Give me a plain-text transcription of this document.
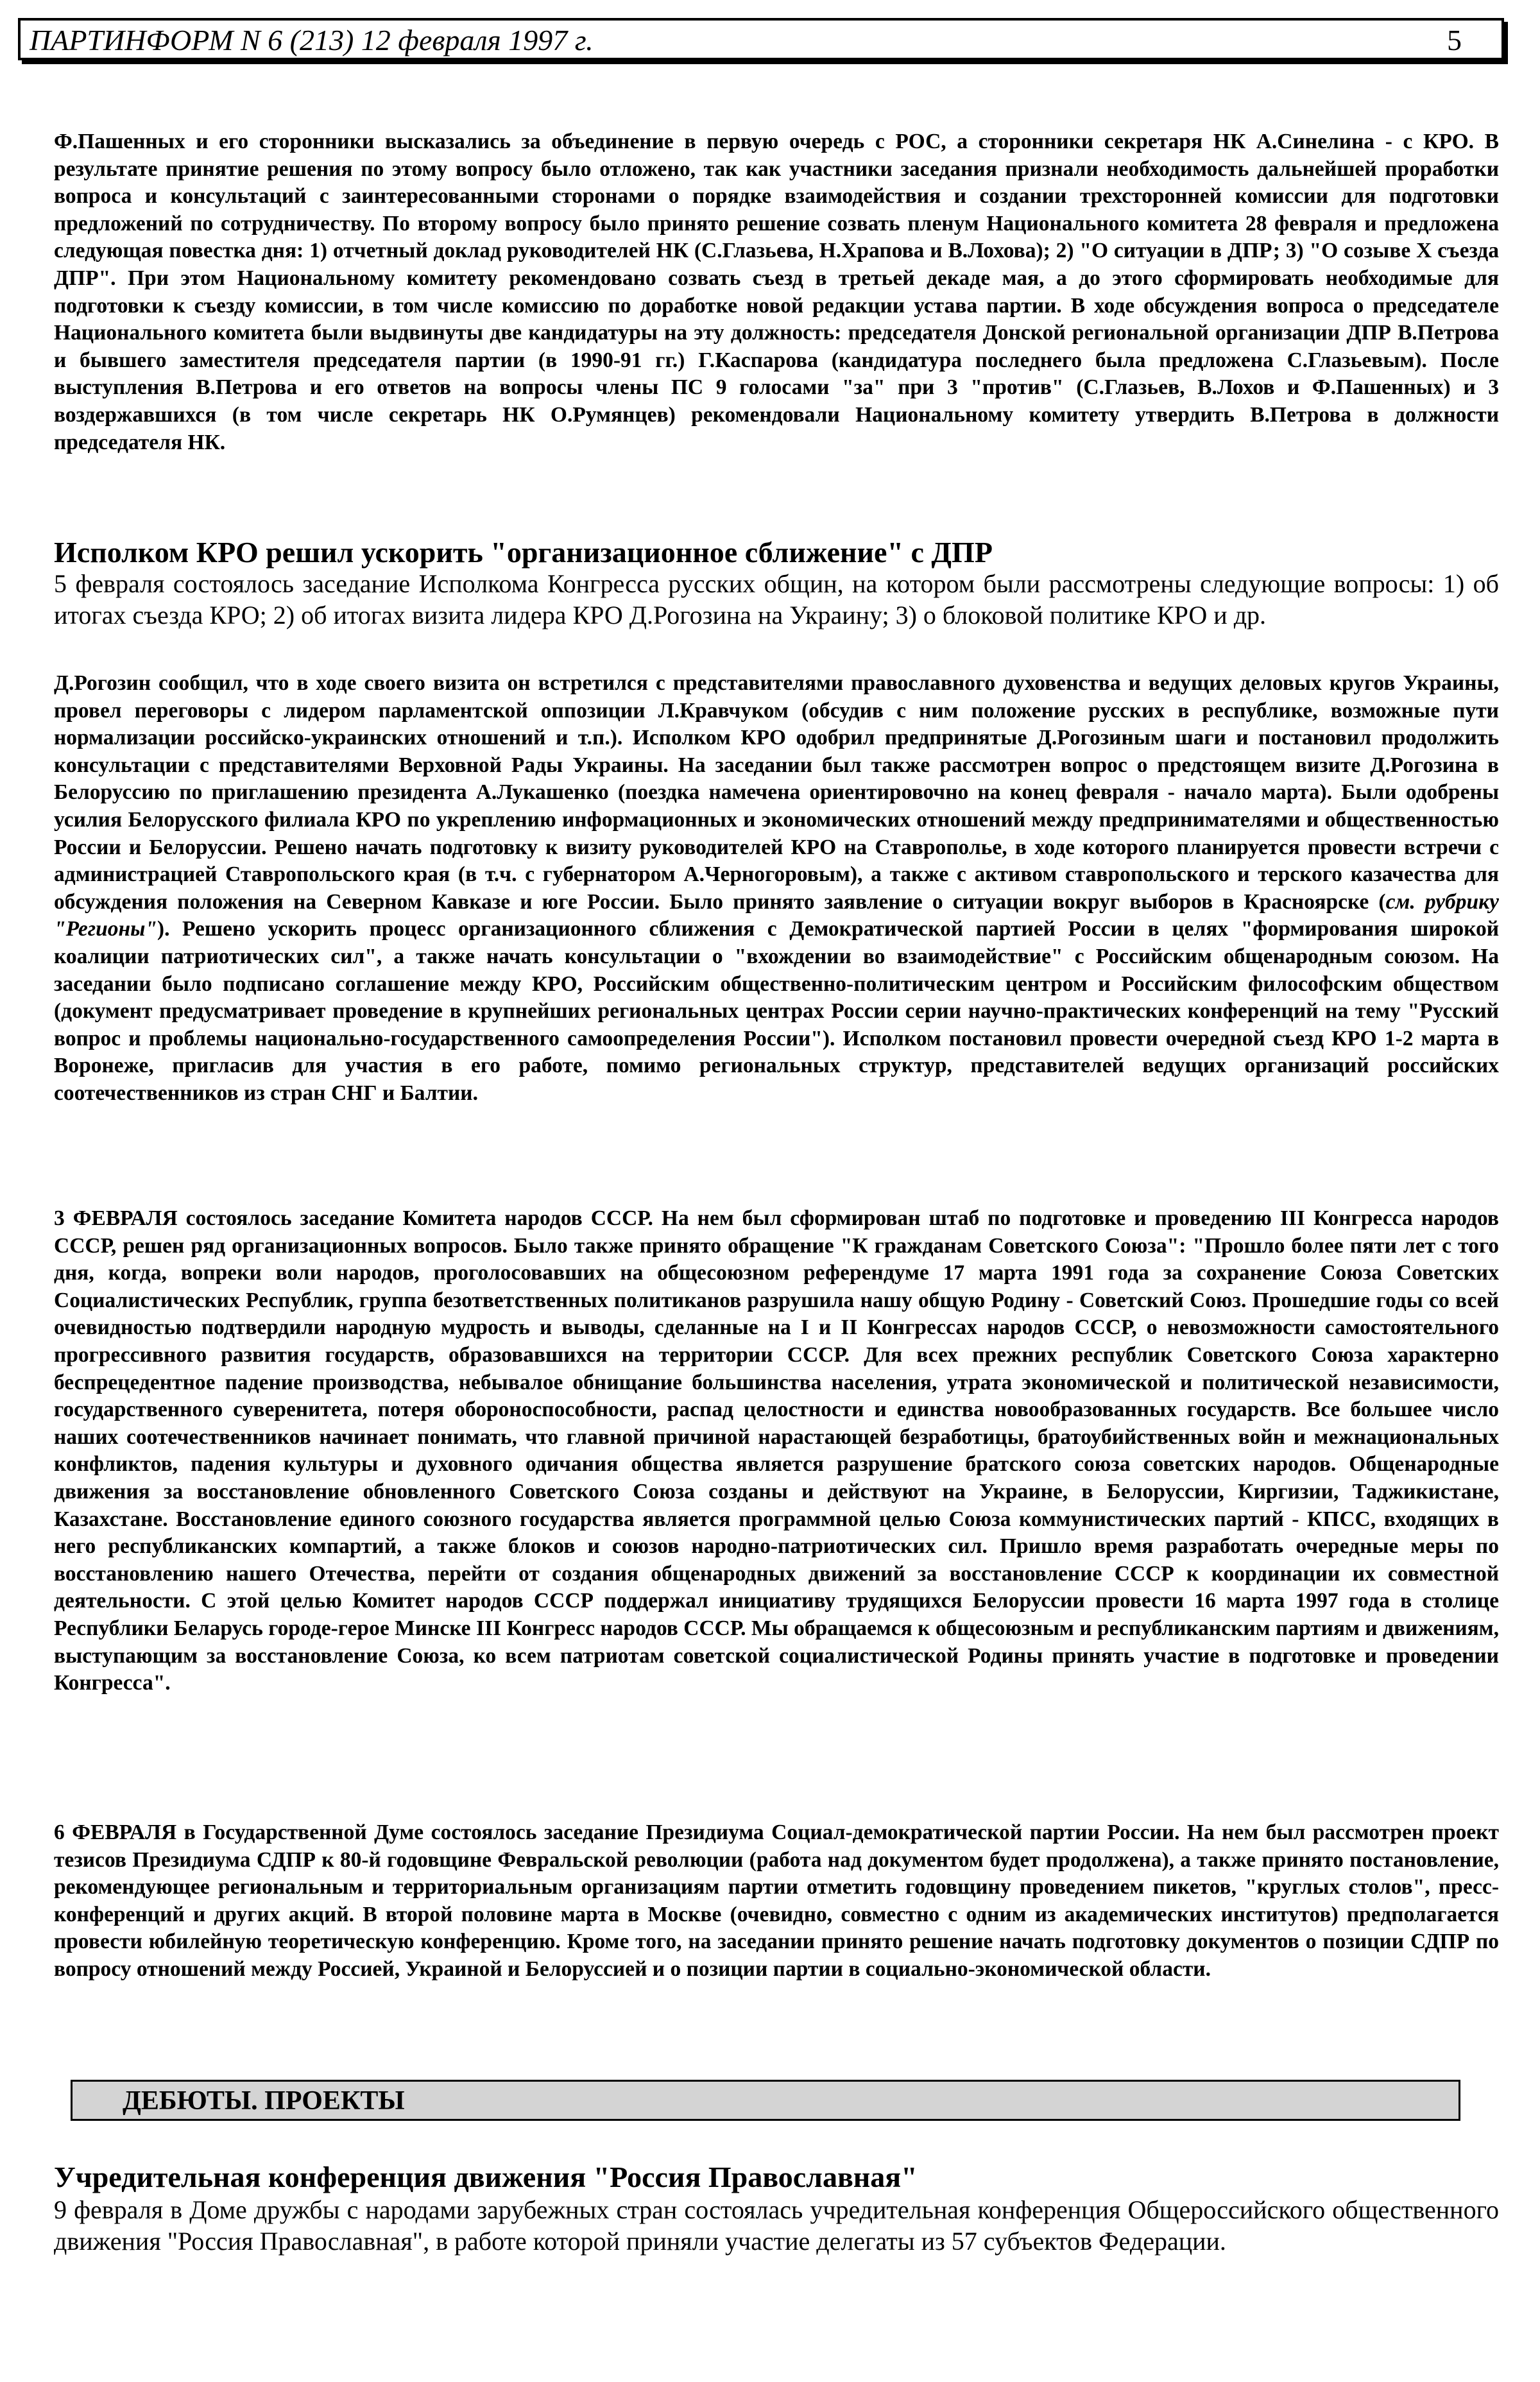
ПАРТИНФОРМ N 6 (213) 12 февраля 1997 г.	5
Ф.Пашенных и его сторонники высказались за объединение в первую очередь с РОС, а сторонники секретаря НК А.Синелина - с КРО. В результате принятие решения по этому вопросу было отложено, так как участники заседания признали необходимость дальнейшей проработки вопроса и консультаций с заинтересованными сторонами о порядке взаимодействия и создании трехсторонней комиссии для подготовки предложений по сотрудничеству. По второму вопросу было принято решение созвать пленум Национального комитета 28 февраля и предложена следующая повестка дня: 1) отчетный доклад руководителей НК (С.Глазьева, Н.Храпова и В.Лохова); 2) "О ситуации в ДПР; 3) "О созыве X съезда ДПР". При этом Национальному комитету рекомендовано созвать съезд в третьей декаде мая, а до этого сформировать необходимые для подготовки к съезду комиссии, в том числе комиссию по доработке новой редакции устава партии. В ходе обсуждения вопроса о председателе Национального комитета были выдвинуты две кандидатуры на эту должность: председателя Донской региональной организации ДПР В.Петрова и бывшего заместителя председателя партии (в 1990-91 гг.) Г.Каспарова (кандидатура последнего была предложена С.Глазьевым). После выступления В.Петрова и его ответов на вопросы члены ПС 9 голосами "за" при 3 "против" (С.Глазьев, В.Лохов и Ф.Пашенных) и 3 воздержавшихся (в том числе секретарь НК О.Румянцев) рекомендовали Национальному комитету утвердить В.Петрова в должности председателя НК.
Исполком КРО решил ускорить "организационное сближение" с ДПР
5 февраля состоялось заседание Исполкома Конгресса русских общин, на котором были рассмотрены следующие вопросы: 1) об итогах съезда КРО; 2) об итогах визита лидера КРО Д.Рогозина на Украину; 3) о блоковой политике КРО и др.
Д.Рогозин сообщил, что в ходе своего визита он встретился с представителями православного духовенства и ведущих деловых кругов Украины, провел переговоры с лидером парламентской оппозиции Л.Кравчуком (обсудив с ним положение русских в республике, возможные пути нормализации российско-украинских отношений и т.п.). Исполком КРО одобрил предпринятые Д.Рогозиным шаги и постановил продолжить консультации с представителями Верховной Рады Украины. На заседании был также рассмотрен вопрос о предстоящем визите Д.Рогозина в Белоруссию по приглашению президента А.Лукашенко (поездка намечена ориентировочно на конец февраля - начало марта). Были одобрены усилия Белорусского филиала КРО по укреплению информационных и экономических отношений между предпринимателями и общественностью России и Белоруссии. Решено начать подготовку к визиту руководителей КРО на Ставрополье, в ходе которого планируется провести встречи с администрацией Ставропольского края (в т.ч. с губернатором А.Черногоровым), а также с активом ставропольского и терского казачества для обсуждения положения на Северном Кавказе и юге России. Было принято заявление о ситуации вокруг выборов в Красноярске (см. рубрику "Регионы"). Решено ускорить процесс организационного сближения с Демократической партией России в целях "формирования широкой коалиции патриотических сил", а также начать консультации о "вхождении во взаимодействие" с Российским общенародным союзом. На заседании было подписано соглашение между КРО, Российским общественно-политическим центром и Российским философским обществом (документ предусматривает проведение в крупнейших региональных центрах России серии научно-практических конференций на тему "Русский вопрос и проблемы национально-государственного самоопределения России"). Исполком постановил провести очередной съезд КРО 1-2 марта в Воронеже, пригласив для участия в его работе, помимо региональных структур, представителей ведущих организаций российских соотечественников из стран СНГ и Балтии.
3 ФЕВРАЛЯ состоялось заседание Комитета народов СССР. На нем был сформирован штаб по подготовке и проведению III Конгресса народов СССР, решен ряд организационных вопросов. Было также принято обращение "К гражданам Советского Союза": "Прошло более пяти лет с того дня, когда, вопреки воли народов, проголосовавших на общесоюзном референдуме 17 марта 1991 года за сохранение Союза Советских Социалистических Республик, группа безответственных политиканов разрушила нашу общую Родину - Советский Союз. Прошедшие годы со всей очевидностью подтвердили народную мудрость и выводы, сделанные на I и II Конгрессах народов СССР, о невозможности самостоятельного прогрессивного развития государств, образовавшихся на территории СССР. Для всех прежних республик Советского Союза характерно беспрецедентное падение производства, небывалое обнищание большинства населения, утрата экономической и политической независимости, государственного суверенитета, потеря обороноспособности, распад целостности и единства новообразованных государств. Все большее число наших соотечественников начинает понимать, что главной причиной нарастающей безработицы, братоубийственных войн и межнациональных конфликтов, падения культуры и духовного одичания общества является разрушение братского союза советских народов. Общенародные движения за восстановление обновленного Советского Союза созданы и действуют на Украине, в Белоруссии, Киргизии, Таджикистане, Казахстане. Восстановление единого союзного государства является программной целью Союза коммунистических партий - КПСС, входящих в него республиканских компартий, а также блоков и союзов народно-патриотических сил. Пришло время разработать очередные меры по восстановлению нашего Отечества, перейти от создания общенародных движений за восстановление СССР к координации их совместной деятельности. С этой целью Комитет народов СССР поддержал инициативу трудящихся Белоруссии провести 16 марта 1997 года в столице Республики Беларусь городе-герое Минске III Конгресс народов СССР. Мы обращаемся к общесоюзным и республиканским партиям и движениям, выступающим за восстановление Союза, ко всем патриотам советской социалистической Родины принять участие в подготовке и проведении Конгресса".
6 ФЕВРАЛЯ в Государственной Думе состоялось заседание Президиума Социал-демократической партии России. На нем был рассмотрен проект тезисов Президиума СДПР к 80-й годовщине Февральской революции (работа над документом будет продолжена), а также принято постановление, рекомендующее региональным и территориальным организациям партии отметить годовщину проведением пикетов, "круглых столов", пресс-конференций и других акций. В второй половине марта в Москве (очевидно, совместно с одним из академических институтов) предполагается провести юбилейную теоретическую конференцию. Кроме того, на заседании принято решение начать подготовку документов о позиции СДПР по вопросу отношений между Россией, Украиной и Белоруссией и о позиции партии в социально-экономической области.
ДЕБЮТЫ. ПРОЕКТЫ
Учредительная конференция движения "Россия Православная"
9 февраля в Доме дружбы с народами зарубежных стран состоялась учредительная конференция Общероссийского общественного движения "Россия Православная", в работе которой приняли участие делегаты из 57 субъектов Федерации.
